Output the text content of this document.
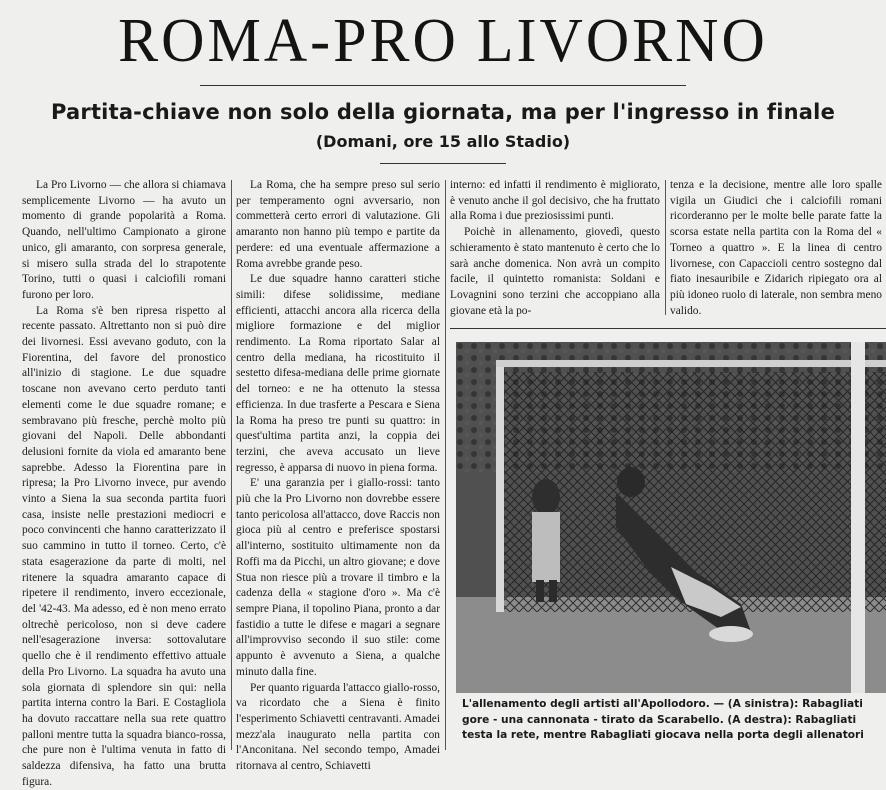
ROMA-PRO LIVORNO
Partita-chiave non solo della giornata, ma per l'ingresso in finale
(Domani, ore 15 allo Stadio)

La Pro Livorno — che allora si chiamava semplicemente Livorno — ha avuto un momento di grande popolarità a Roma. Quando, nell'ultimo Campionato a girone unico, gli amaranto, con sorpresa generale, si misero sulla strada del lo strapotente Torino, tutti o quasi i calciofili romani furono per loro.

La Roma s'è ben ripresa rispetto al recente passato. Altrettanto non si può dire dei livornesi. Essi avevano goduto, con la Fiorentina, del favore del pronostico all'inizio di stagione. Le due squadre toscane non avevano certo perduto tanti elementi come le due squadre romane; e sembravano più fresche, perchè molto più giovani del Napoli. Delle abbondanti delusioni fornite da viola ed amaranto bene saprebbe. Adesso la Fiorentina pare in ripresa; la Pro Livorno invece, pur avendo vinto a Siena la sua seconda partita fuori casa, insiste nelle prestazioni mediocri e poco convincenti che hanno caratterizzato il suo cammino in tutto il torneo. Certo, c'è stata esagerazione da parte di molti, nel ritenere la squadra amaranto capace di ripetere il rendimento, invero eccezionale, del '42-43. Ma adesso, ed è non meno errato oltrechè pericoloso, non si deve cadere nell'esagerazione inversa: sottovalutare quello che è il rendimento effettivo attuale della Pro Livorno. La squadra ha avuto una sola giornata di splendore sin qui: nella partita interna contro la Bari. E Costagliola ha dovuto raccattare nella sua rete quattro palloni mentre tutta la squadra bianco-rossa, che pure non è l'ultima venuta in fatto di saldezza difensiva, ha fatto una brutta figura.

La Roma, che ha sempre preso sul serio per temperamento ogni avversario, non commetterà certo errori di valutazione. Gli amaranto non hanno più tempo e partite da perdere: ed una eventuale affermazione a Roma avrebbe grande peso.

Le due squadre hanno caratteri stiche simili: difese solidissime, mediane efficienti, attacchi ancora alla ricerca della migliore formazione e del miglior rendimento. La Roma riportato Salar al centro della mediana, ha ricostituito il sestetto difesa-mediana delle prime giornate del torneo: e ne ha ottenuto la stessa efficienza. In due trasferte a Pescara e Siena la Roma ha preso tre punti su quattro: in quest'ultima partita anzi, la coppia dei terzini, che aveva accusato un lieve regresso, è apparsa di nuovo in piena forma.

E' una garanzia per i giallo-rossi: tanto più che la Pro Livorno non dovrebbe essere tanto pericolosa all'attacco, dove Raccis non gioca più al centro e preferisce spostarsi all'interno, sostituito ultimamente non da Roffi ma da Picchi, un altro giovane; e dove Stua non riesce più a trovare il timbro e la cadenza della « stagione d'oro ». Ma c'è sempre Piana, il topolino Piana, pronto a dar fastidio a tutte le difese e magari a segnare all'improvviso secondo il suo stile: come appunto è avvenuto a Siena, a qualche minuto dalla fine.

Per quanto riguarda l'attacco giallo-rosso, va ricordato che a Siena è finito l'esperimento Schiavetti centravanti. Amadei mezz'ala inaugurato nella partita con l'Anconitana. Nel secondo tempo, Amadei ritornava al centro, Schiavetti

interno: ed infatti il rendimento è migliorato, è venuto anche il gol decisivo, che ha fruttato alla Roma i due preziosissimi punti.

Poichè in allenamento, giovedì, questo schieramento è stato mantenuto è certo che lo sarà anche domenica. Non avrà un compito facile, il quintetto romanista: Soldani e Lovagnini sono terzini che accoppiano alla giovane età la po-

tenza e la decisione, mentre alle loro spalle vigila un Giudici che i calciofili romani ricorderanno per le molte belle parate fatte la scorsa estate nella partita con la Roma del « Torneo a quattro ». E la linea di centro livornese, con Capaccioli centro sostegno dal fiato inesauribile e Zidarich ripiegato ora al più idoneo ruolo di laterale, non sembra meno valido.

L'allenamento degli artisti all'Apollodoro. — (A sinistra): Rabagliati
gore - una cannonata - tirato da Scarabello. (A destra): Rabagliati
testa la rete, mentre Rabagliati giocava nella porta degli allenatori
